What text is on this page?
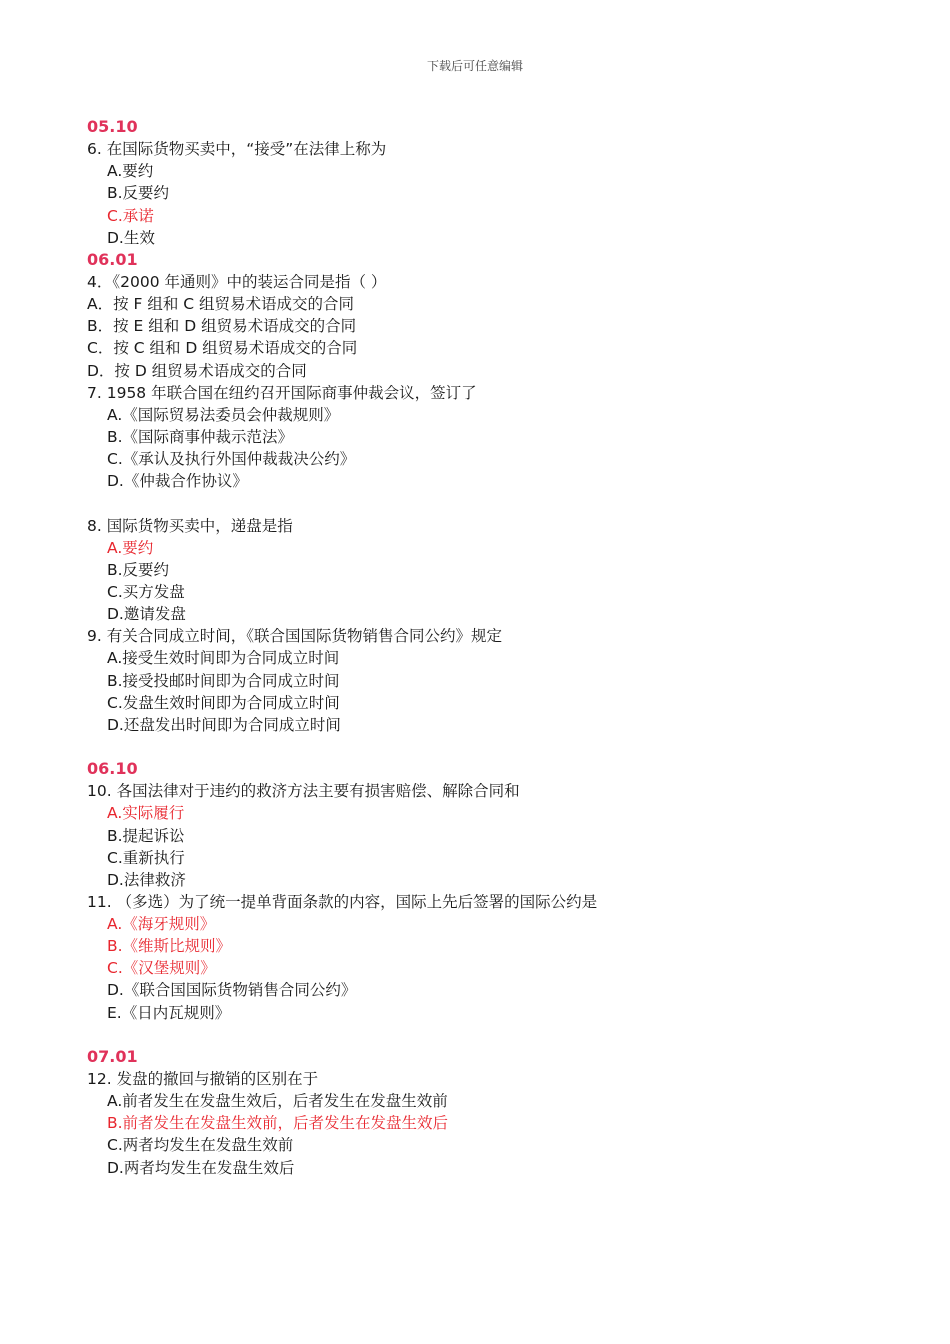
下载后可任意编辑
05.10
6. 在国际货物买卖中，“接受”在法律上称为
A.要约
B.反要约
C.承诺
D.生效
06.01
4．《2000 年通则》中的装运合同是指（ ）
A．按 F 组和 C 组贸易术语成交的合同
B．按 E 组和 D 组贸易术语成交的合同
C．按 C 组和 D 组贸易术语成交的合同
D．按 D 组贸易术语成交的合同
7. 1958 年联合国在纽约召开国际商事仲裁会议，签订了
A.《国际贸易法委员会仲裁规则》
B.《国际商事仲裁示范法》
C.《承认及执行外国仲裁裁决公约》
D.《仲裁合作协议》
8. 国际货物买卖中，递盘是指
A.要约
B.反要约
C.买方发盘
D.邀请发盘
9. 有关合同成立时间，《联合国国际货物销售合同公约》规定
A.接受生效时间即为合同成立时间
B.接受投邮时间即为合同成立时间
C.发盘生效时间即为合同成立时间
D.还盘发出时间即为合同成立时间
06.10
10. 各国法律对于违约的救济方法主要有损害赔偿、解除合同和
A.实际履行
B.提起诉讼
C.重新执行
D.法律救济
11. （多选）为了统一提单背面条款的内容，国际上先后签署的国际公约是
A.《海牙规则》
B.《维斯比规则》
C.《汉堡规则》
D.《联合国国际货物销售合同公约》
E.《日内瓦规则》
07.01
12. 发盘的撤回与撤销的区别在于
A.前者发生在发盘生效后，后者发生在发盘生效前
B.前者发生在发盘生效前，后者发生在发盘生效后
C.两者均发生在发盘生效前
D.两者均发生在发盘生效后
